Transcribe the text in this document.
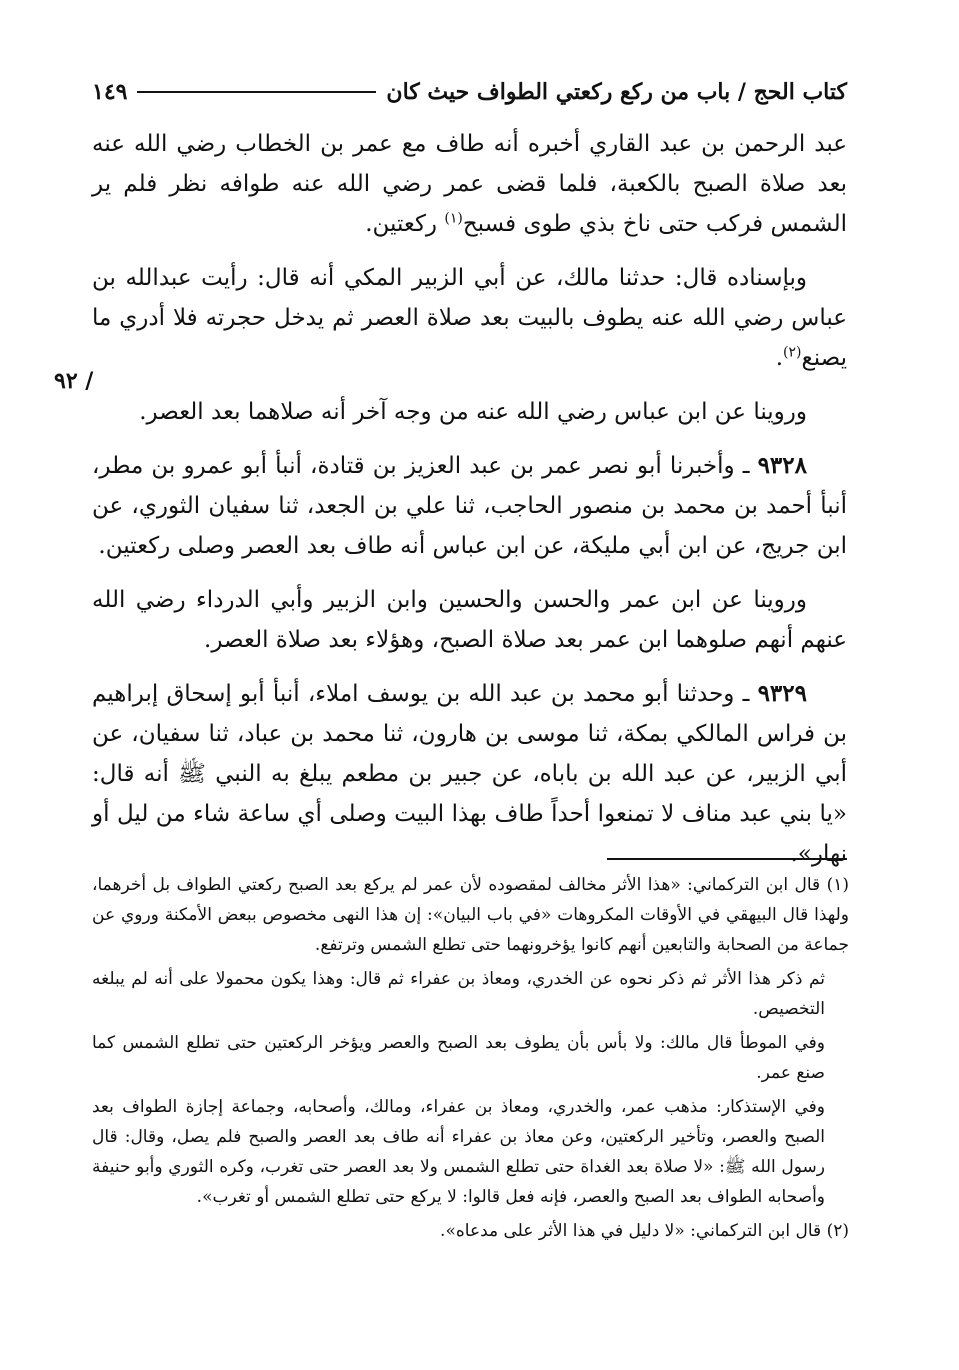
كتاب الحج / باب من ركع ركعتي الطواف حيث كان
١٤٩
٩٢ /

عبد الرحمن بن عبد القاري أخبره أنه طاف مع عمر بن الخطاب رضي الله عنه بعد صلاة الصبح بالكعبة، فلما قضى عمر رضي الله عنه طوافه نظر فلم ير الشمس فركب حتى ناخ بذي طوى فسبح$^{(١)}$ ركعتين.

وبإسناده قال: حدثنا مالك، عن أبي الزبير المكي أنه قال: رأيت عبدالله بن عباس رضي الله عنه يطوف بالبيت بعد صلاة العصر ثم يدخل حجرته فلا أدري ما يصنع$^{(٢)}$.

وروينا عن ابن عباس رضي الله عنه من وجه آخر أنه صلاهما بعد العصر.

٩٣٢٨ ـ وأخبرنا أبو نصر عمر بن عبد العزيز بن قتادة، أنبأ أبو عمرو بن مطر، أنبأ أحمد بن محمد بن منصور الحاجب، ثنا علي بن الجعد، ثنا سفيان الثوري، عن ابن جريج، عن ابن أبي مليكة، عن ابن عباس أنه طاف بعد العصر وصلى ركعتين.

وروينا عن ابن عمر والحسن والحسين وابن الزبير وأبي الدرداء رضي الله عنهم أنهم صلوهما ابن عمر بعد صلاة الصبح، وهؤلاء بعد صلاة العصر.

٩٣٢٩ ـ وحدثنا أبو محمد بن عبد الله بن يوسف املاء، أنبأ أبو إسحاق إبراهيم بن فراس المالكي بمكة، ثنا موسى بن هارون، ثنا محمد بن عباد، ثنا سفيان، عن أبي الزبير، عن عبد الله بن باباه، عن جبير بن مطعم يبلغ به النبي ﷺ أنه قال: «يا بني عبد مناف لا تمنعوا أحداً طاف بهذا البيت وصلى أي ساعة شاء من ليل أو نهار».

(١) قال ابن التركماني: «هذا الأثر مخالف لمقصوده لأن عمر لم يركع بعد الصبح ركعتي الطواف بل أخرهما، ولهذا قال البيهقي في الأوقات المكروهات «في باب البيان»: إن هذا النهى مخصوص ببعض الأمكنة وروي عن جماعة من الصحابة والتابعين أنهم كانوا يؤخرونهما حتى تطلع الشمس وترتفع.

ثم ذكر هذا الأثر ثم ذكر نحوه عن الخدري، ومعاذ بن عفراء ثم قال: وهذا يكون محمولا على أنه لم يبلغه التخصيص.

وفي الموطأ قال مالك: ولا بأس بأن يطوف بعد الصبح والعصر ويؤخر الركعتين حتى تطلع الشمس كما صنع عمر.

وفي الإستذكار: مذهب عمر، والخدري، ومعاذ بن عفراء، ومالك، وأصحابه، وجماعة إجازة الطواف بعد الصبح والعصر، وتأخير الركعتين، وعن معاذ بن عفراء أنه طاف بعد العصر والصبح فلم يصل، وقال: قال رسول الله ﷺ: «لا صلاة بعد الغداة حتى تطلع الشمس ولا بعد العصر حتى تغرب، وكره الثوري وأبو حنيفة وأصحابه الطواف بعد الصبح والعصر، فإنه فعل قالوا: لا يركع حتى تطلع الشمس أو تغرب».

(٢) قال ابن التركماني: «لا دليل في هذا الأثر على مدعاه».
